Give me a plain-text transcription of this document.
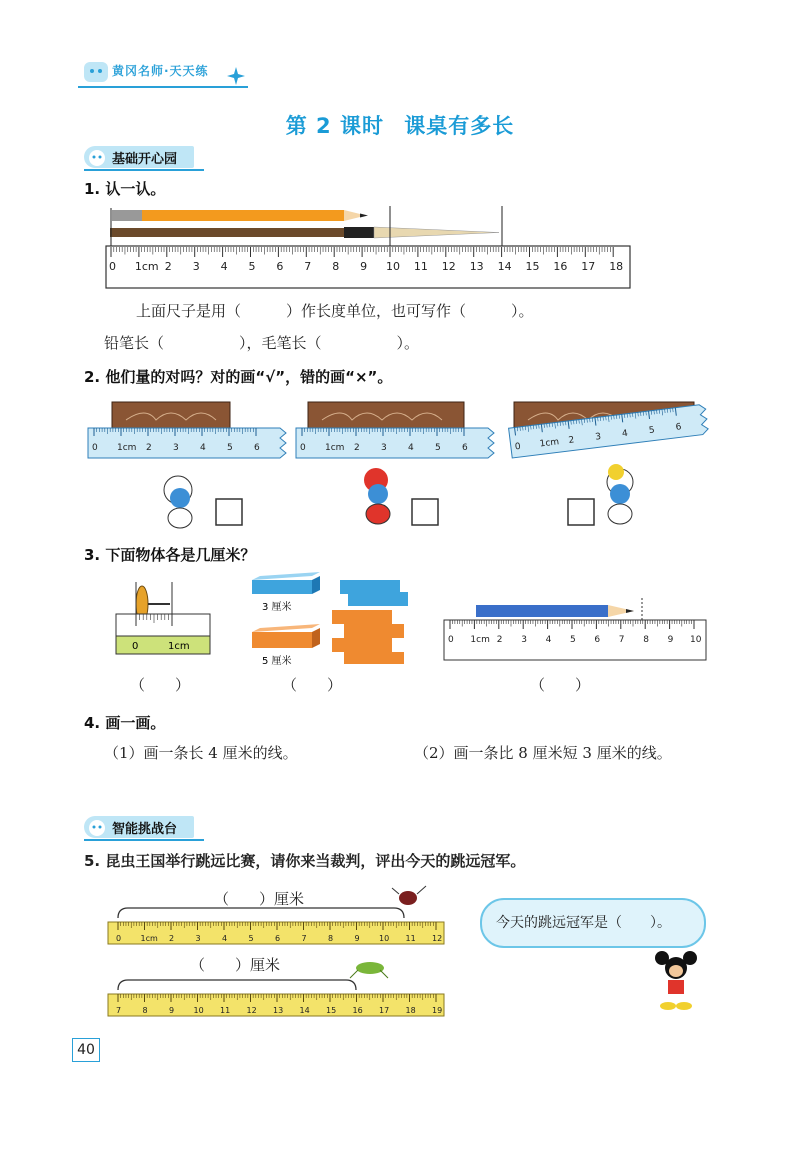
黄冈名师·天天练
第 2 课时 课桌有多长
基础开心园
1. 认一认。
0 1cm 2 3 4 5 6 7 8 9 10 11 12 13 14 15 16 17 18
上面尺子是用（　　　）作长度单位，也可写作（　　　）。
铅笔长（　　　　　），毛笔长（　　　　　）。
2. 他们量的对吗？对的画“√”，错的画“×”。
0 1cm 2 3 4 5 6	0 1cm 2 3 4 5 6	0 1cm 2 3 4 5 6
3. 下面物体各是几厘米？
0	1cm
3 厘米
5 厘米
0 1cm 2 3 4 5 6 7 8 9 10
（　　）	（　　）	（　　）
4. 画一画。
（1）画一条长 4 厘米的线。	（2）画一条比 8 厘米短 3 厘米的线。
智能挑战台
5. 昆虫王国举行跳远比赛，请你来当裁判，评出今天的跳远冠军。
（　　）厘米
（　　）厘米
0 1cm 2	3	4	5	6	7	8	9 10 11 12
7	8	9 10 11 12 13 14 15 16 17 18 19
今天的跳远冠军是（　　）。
40
